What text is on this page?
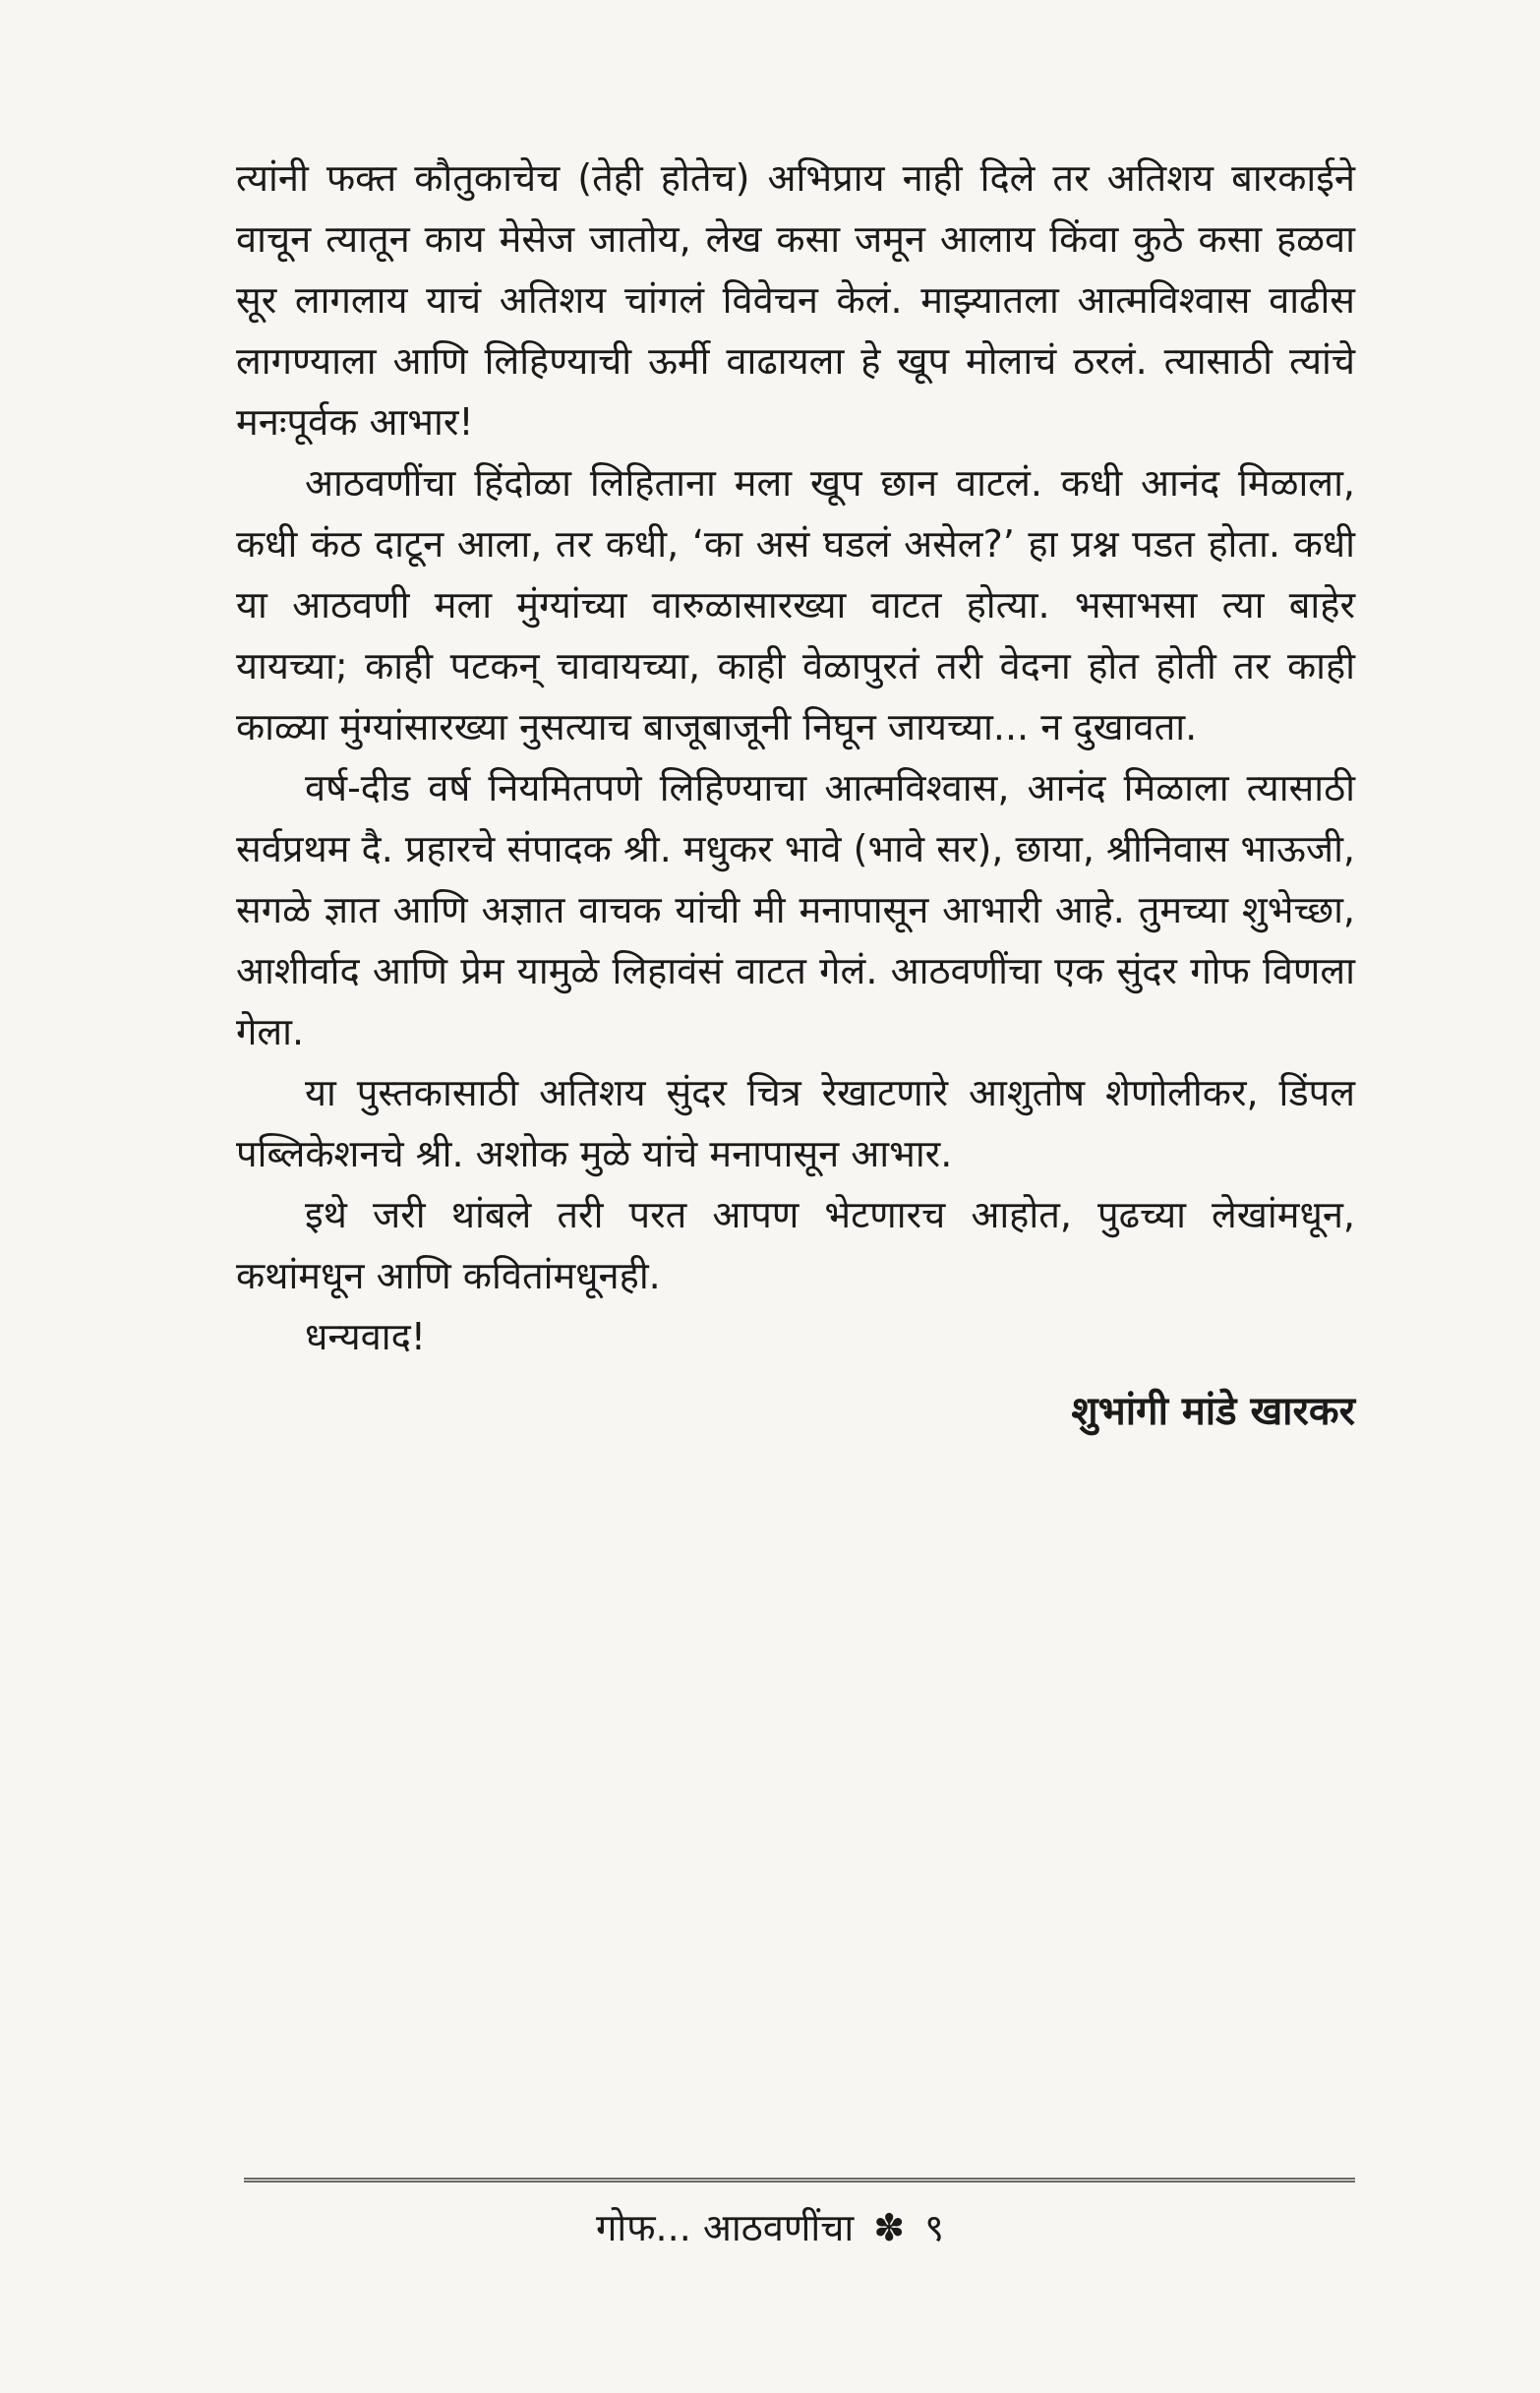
त्यांनी फक्त कौतुकाचेच (तेही होतेच) अभिप्राय नाही दिले तर अतिशय बारकाईने वाचून त्यातून काय मेसेज जातोय, लेख कसा जमून आलाय किंवा कुठे कसा हळवा सूर लागलाय याचं अतिशय चांगलं विवेचन केलं. माझ्यातला आत्मविश्वास वाढीस लागण्याला आणि लिहिण्याची ऊर्मी वाढायला हे खूप मोलाचं ठरलं. त्यासाठी त्यांचे मनःपूर्वक आभार!

आठवणींचा हिंदोळा लिहिताना मला खूप छान वाटलं. कधी आनंद मिळाला, कधी कंठ दाटून आला, तर कधी, ‘का असं घडलं असेल?’ हा प्रश्न पडत होता. कधी या आठवणी मला मुंग्यांच्या वारुळासारख्या वाटत होत्या. भसाभसा त्या बाहेर यायच्या; काही पटकन् चावायच्या, काही वेळापुरतं तरी वेदना होत होती तर काही काळ्या मुंग्यांसारख्या नुसत्याच बाजूबाजूनी निघून जायच्या... न दुखावता.

वर्ष-दीड वर्ष नियमितपणे लिहिण्याचा आत्मविश्वास, आनंद मिळाला त्यासाठी सर्वप्रथम दै. प्रहारचे संपादक श्री. मधुकर भावे (भावे सर), छाया, श्रीनिवास भाऊजी, सगळे ज्ञात आणि अज्ञात वाचक यांची मी मनापासून आभारी आहे. तुमच्या शुभेच्छा, आशीर्वाद आणि प्रेम यामुळे लिहावंसं वाटत गेलं. आठवणींचा एक सुंदर गोफ विणला गेला.

या पुस्तकासाठी अतिशय सुंदर चित्र रेखाटणारे आशुतोष शेणोलीकर, डिंपल पब्लिकेशनचे श्री. अशोक मुळे यांचे मनापासून आभार.

इथे जरी थांबले तरी परत आपण भेटणारच आहोत, पुढच्या लेखांमधून, कथांमधून आणि कवितांमधूनही.

धन्यवाद!

शुभांगी मांडे खारकर

गोफ... आठवणींचा ✽ ९
